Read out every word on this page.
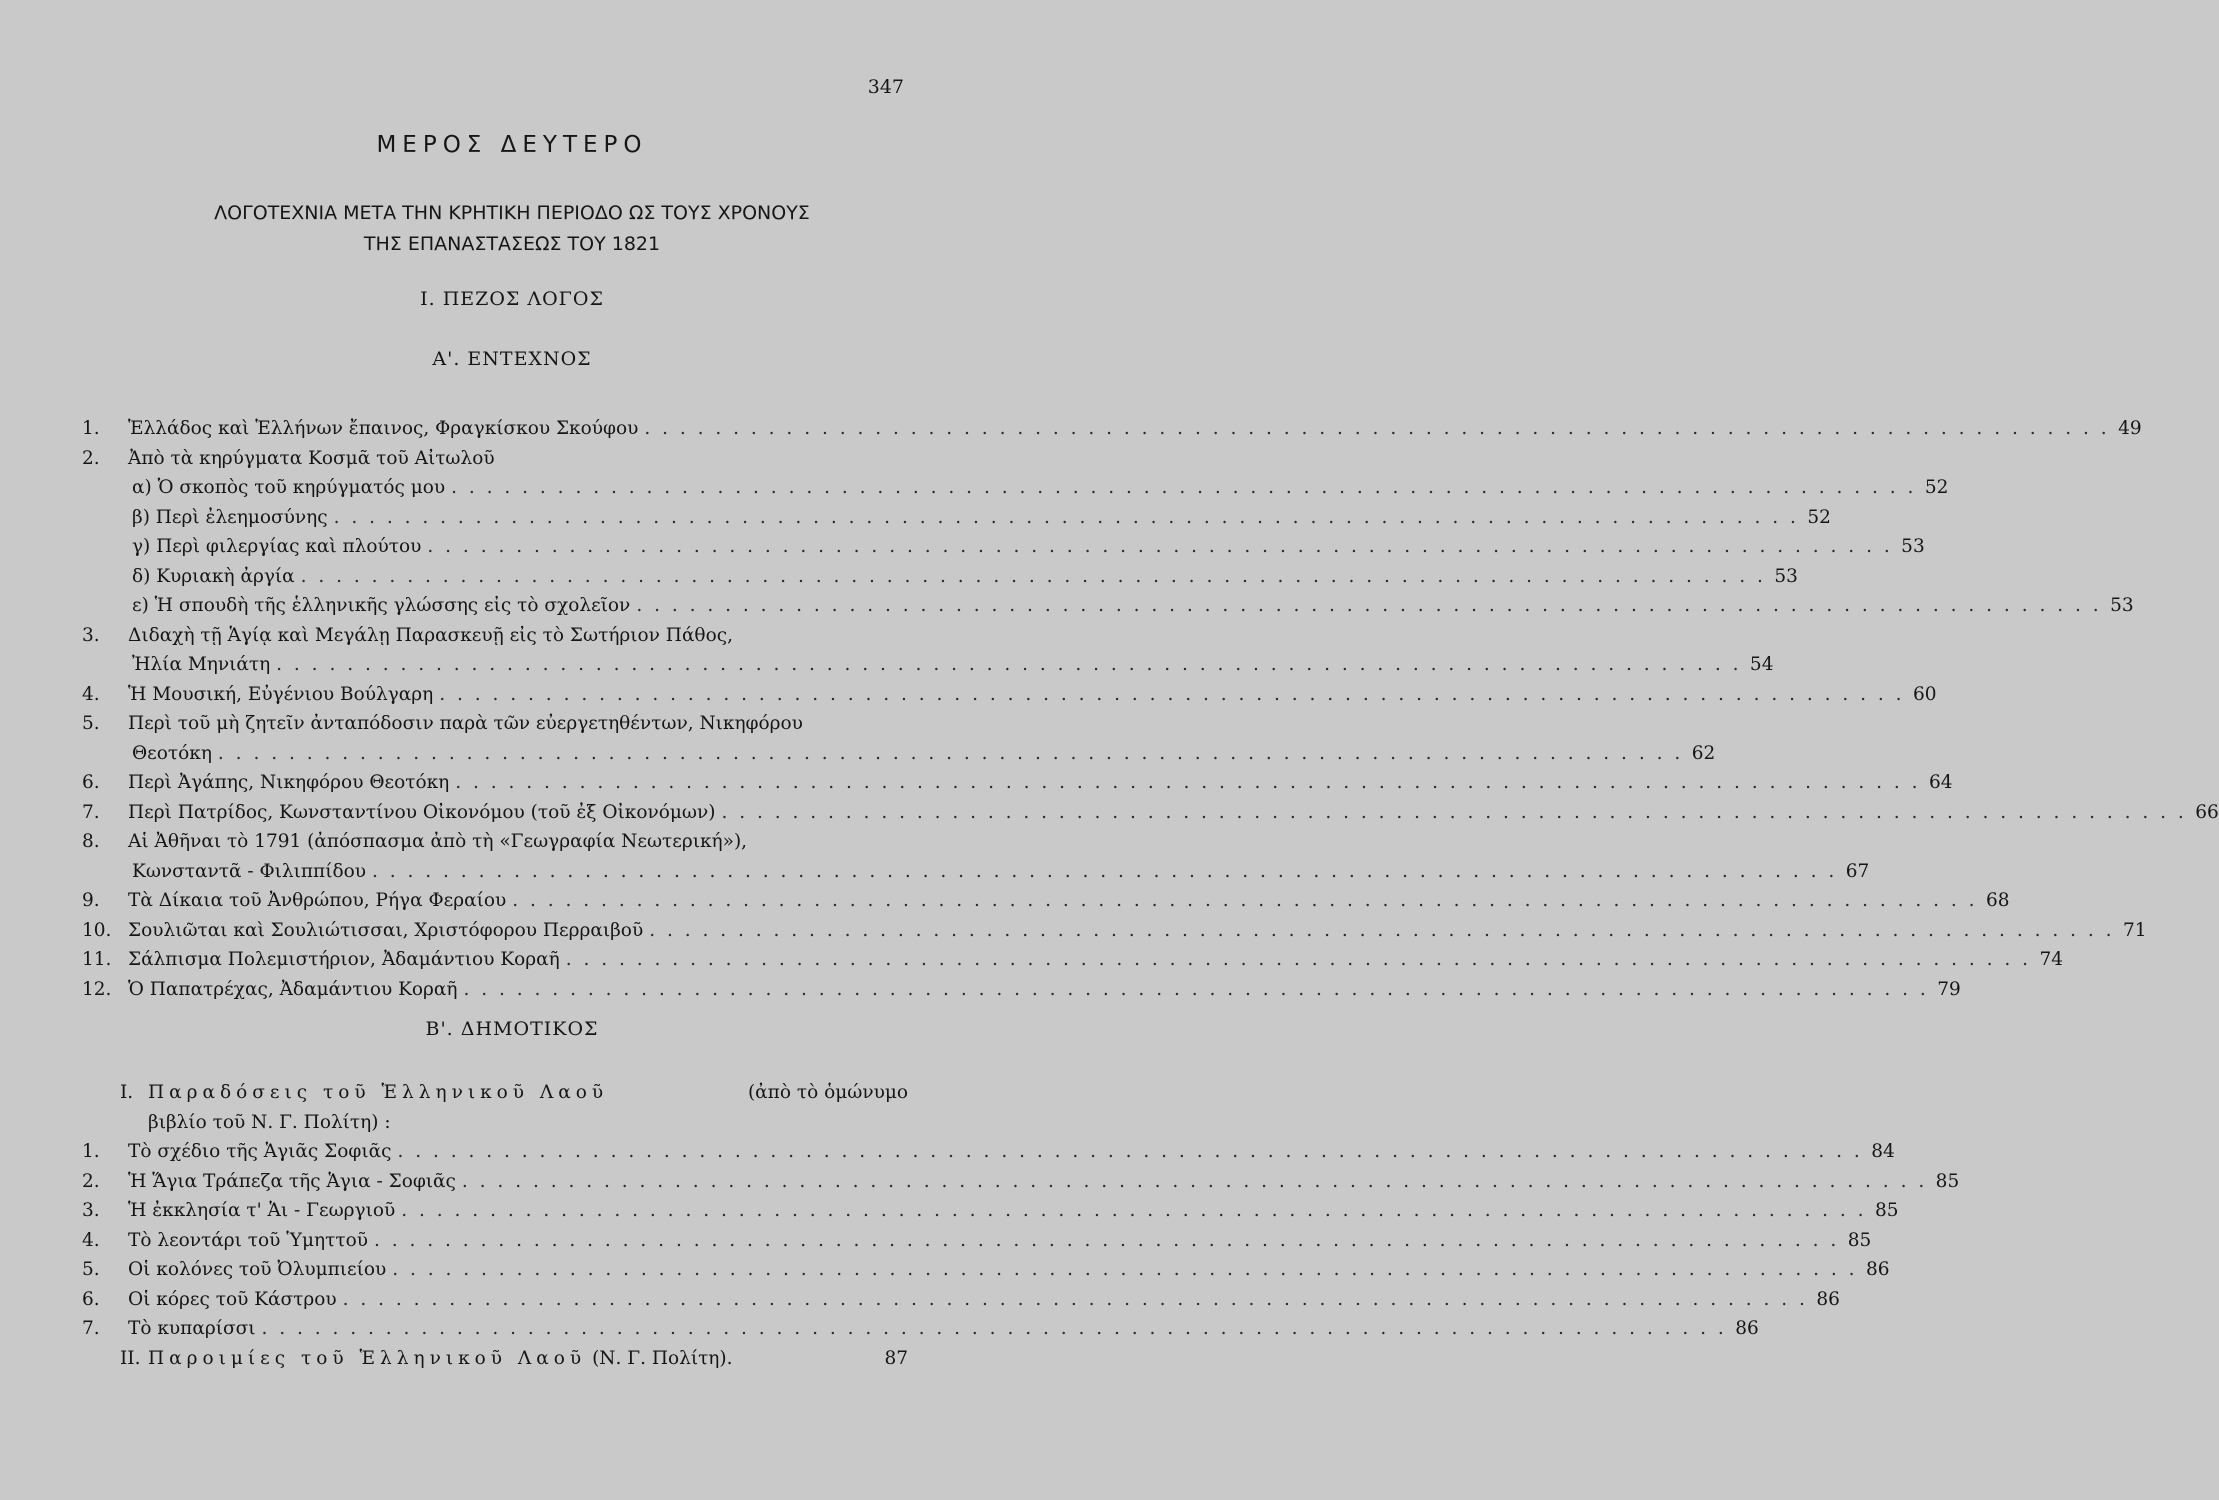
347
ΜΕΡΟΣ ΔΕΥΤΕΡΟ
ΛΟΓΟΤΕΧΝΙΑ ΜΕΤΑ ΤΗΝ ΚΡΗΤΙΚΗ ΠΕΡΙΟΔΟ ΩΣ ΤΟΥΣ ΧΡΟΝΟΥΣ
ΤΗΣ ΕΠΑΝΑΣΤΑΣΕΩΣ ΤΟΥ 1821
Ι. ΠΕΖΟΣ ΛΟΓΟΣ
Α'. ΕΝΤΕΧΝΟΣ
1.	Ἑλλάδος καὶ Ἑλλήνων ἔπαινος, Φραγκίσκου Σκούφου . . .	49
2.	Ἀπὸ τὰ κηρύγματα Κοσμᾶ τοῦ Αἰτωλοῦ
α) Ὁ σκοπὸς τοῦ κηρύγματός μου . . .	52
β) Περὶ ἐλεημοσύνης . . .	52
γ) Περὶ φιλεργίας καὶ πλούτου . . .	53
δ) Κυριακὴ ἀργία . . .	53
ε) Ἡ σπουδὴ τῆς ἑλληνικῆς γλώσσης εἰς τὸ σχολεῖον . . .	53
3.	Διδαχὴ τῇ Ἁγίᾳ καὶ Μεγάλῃ Παρασκευῇ εἰς τὸ Σωτήριον Πάθος,
Ἠλία Μηνιάτη . . .	54
4.	Ἡ Μουσική, Εὐγένιου Βούλγαρη . . .	60
5.	Περὶ τοῦ μὴ ζητεῖν ἀνταπόδοσιν παρὰ τῶν εὐεργετηθέντων, Νικηφόρου
Θεοτόκη . . .	62
6.	Περὶ Ἀγάπης, Νικηφόρου Θεοτόκη . . .	64
7.	Περὶ Πατρίδος, Κωνσταντίνου Οἰκονόμου (τοῦ ἐξ Οἰκονόμων) . . .	66
8.	Αἱ Ἀθῆναι τὸ 1791 (ἀπόσπασμα ἀπὸ τὴ «Γεωγραφία Νεωτερική»),
Κωνσταντᾶ - Φιλιππίδου . . .	67
9.	Τὰ Δίκαια τοῦ Ἀνθρώπου, Ρήγα Φεραίου . . .	68
10. Σουλιῶται καὶ Σουλιώτισσαι, Χριστόφορου Περραιβοῦ . . .	71
11. Σάλπισμα Πολεμιστήριον, Ἀδαμάντιου Κοραῆ . . .	74
12. Ὁ Παπατρέχας, Ἀδαμάντιου Κοραῆ . . .	79
Β'. ΔΗΜΟΤΙΚΟΣ
Ι. Παραδόσεις τοῦ Ἑλληνικοῦ Λαοῦ	(ἀπὸ τὸ ὁμώνυμο
βιβλίο τοῦ Ν. Γ. Πολίτη) :
1.	Τὸ σχέδιο τῆς Ἁγιᾶς Σοφιᾶς . . .	84
2.	Ἡ Ἅγια Τράπεζα τῆς Ἁγια - Σοφιᾶς . . .	85
3.	Ἡ ἐκκλησία τ' Ἁι - Γεωργιοῦ . . .	85
4.	Τὸ λεοντάρι τοῦ Ὑμηττοῦ . . .	85
5.	Οἱ κολόνες τοῦ Ὀλυμπιείου . . .	86
6.	Οἱ κόρες τοῦ Κάστρου . . .	86
7.	Τὸ κυπαρίσσι . . .	86
ΙΙ. Παροιμίες τοῦ Ἑλληνικοῦ Λαοῦ (Ν. Γ. Πολίτη).	87
